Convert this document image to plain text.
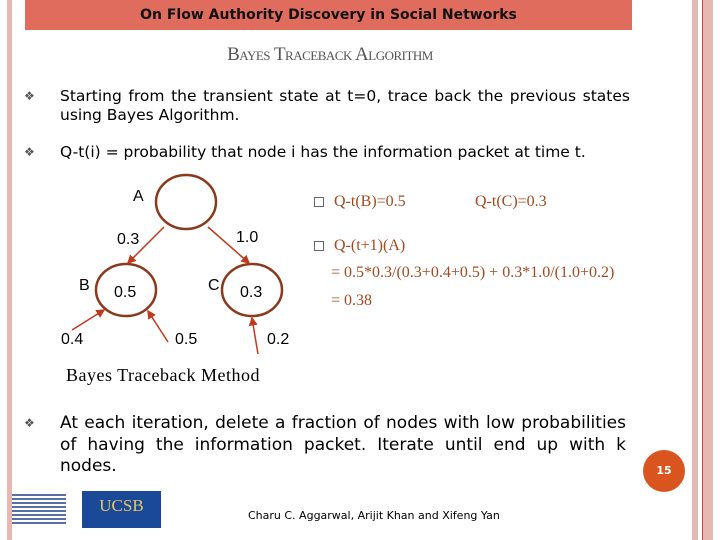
On Flow Authority Discovery in Social Networks
Bayes Traceback Algorithm
❖ Starting from the transient state at t=0, trace back the previous states using Bayes Algorithm.
❖ Q-t(i) = probability that node i has the information packet at time t.
A
B	C
0.5	0.3
0.3	1.0
0.4	0.5	0.2
Q-t(B)=0.5	Q-t(C)=0.3
Q-(t+1)(A)
= 0.5*0.3/(0.3+0.4+0.5) + 0.3*1.0/(1.0+0.2)
= 0.38
Bayes Traceback Method
❖ At each iteration, delete a fraction of nodes with low probabilities of having the information packet. Iterate until end up with k nodes.	15
UCSB
Charu C. Aggarwal, Arijit Khan and Xifeng Yan
